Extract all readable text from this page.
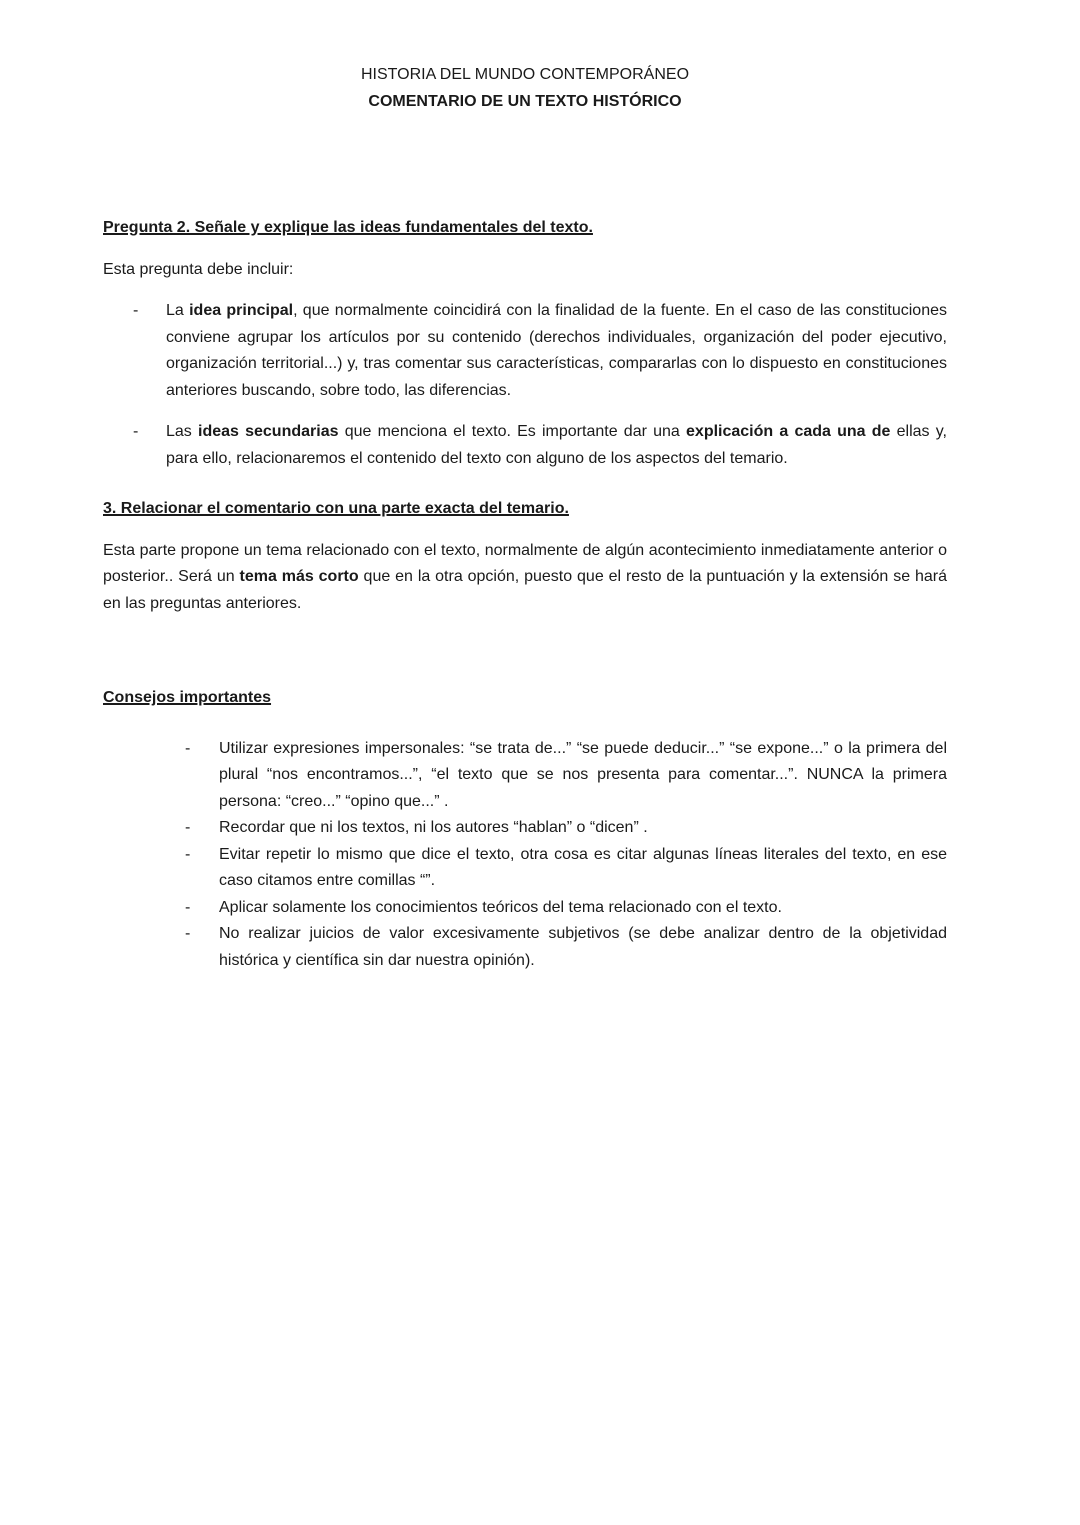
HISTORIA DEL MUNDO CONTEMPORÁNEO
COMENTARIO DE UN TEXTO HISTÓRICO
Pregunta 2. Señale y explique las ideas fundamentales del texto.

Esta pregunta debe incluir:

-	La idea principal, que normalmente coincidirá con la finalidad de la fuente. En el caso de las constituciones conviene agrupar los artículos por su contenido (derechos individuales, organización del poder ejecutivo, organización territorial...) y, tras comentar sus características, compararlas con lo dispuesto en constituciones anteriores buscando, sobre todo, las diferencias.
-	Las ideas secundarias que menciona el texto. Es importante dar una explicación a cada una de ellas y, para ello, relacionaremos el contenido del texto con alguno de los aspectos del temario.
3. Relacionar el comentario con una parte exacta del temario.

Esta parte propone un tema relacionado con el texto, normalmente de algún acontecimiento inmediatamente anterior o posterior.. Será un tema más corto que en la otra opción, puesto que el resto de la puntuación y la extensión se hará en las preguntas anteriores.

Consejos importantes
-	Utilizar expresiones impersonales: “se trata de...” “se puede deducir...” “se expone...” o la primera del plural “nos encontramos...”, “el texto que se nos presenta para comentar...”. NUNCA la primera persona: “creo...” “opino que...” .
-	Recordar que ni los textos, ni los autores “hablan” o “dicen” .
-	Evitar repetir lo mismo que dice el texto, otra cosa es citar algunas líneas literales del texto, en ese caso citamos entre comillas “”.
-	Aplicar solamente los conocimientos teóricos del tema relacionado con el texto.
-	No realizar juicios de valor excesivamente subjetivos (se debe analizar dentro de la objetividad histórica y científica sin dar nuestra opinión).
